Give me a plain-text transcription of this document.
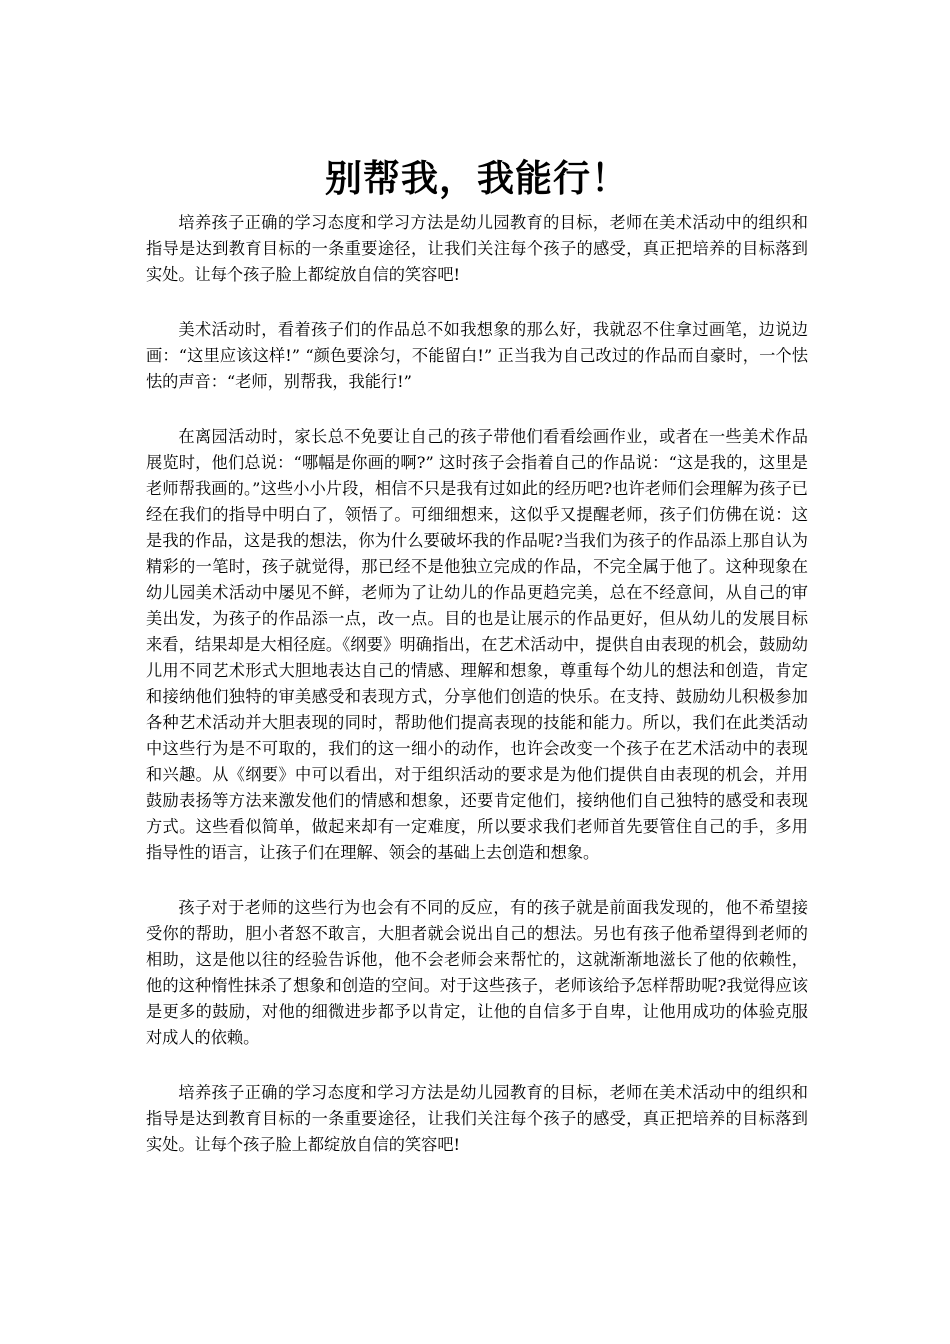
别帮我，我能行！

培养孩子正确的学习态度和学习方法是幼儿园教育的目标，老师在美术活动中的组织和指导是达到教育目标的一条重要途径，让我们关注每个孩子的感受，真正把培养的目标落到实处。让每个孩子脸上都绽放自信的笑容吧!

美术活动时，看着孩子们的作品总不如我想象的那么好，我就忍不住拿过画笔，边说边画：“这里应该这样!” “颜色要涂匀，不能留白!” 正当我为自己改过的作品而自豪时，一个怯怯的声音：“老师，别帮我，我能行!”

在离园活动时，家长总不免要让自己的孩子带他们看看绘画作业，或者在一些美术作品展览时，他们总说：“哪幅是你画的啊?” 这时孩子会指着自己的作品说：“这是我的，这里是老师帮我画的。”这些小小片段，相信不只是我有过如此的经历吧?也许老师们会理解为孩子已经在我们的指导中明白了，领悟了。可细细想来，这似乎又提醒老师，孩子们仿佛在说：这是我的作品，这是我的想法，你为什么要破坏我的作品呢?当我们为孩子的作品添上那自认为精彩的一笔时，孩子就觉得，那已经不是他独立完成的作品，不完全属于他了。这种现象在幼儿园美术活动中屡见不鲜，老师为了让幼儿的作品更趋完美，总在不经意间，从自己的审美出发，为孩子的作品添一点，改一点。目的也是让展示的作品更好，但从幼儿的发展目标来看，结果却是大相径庭。《纲要》明确指出，在艺术活动中，提供自由表现的机会，鼓励幼儿用不同艺术形式大胆地表达自己的情感、理解和想象，尊重每个幼儿的想法和创造，肯定和接纳他们独特的审美感受和表现方式，分享他们创造的快乐。在支持、鼓励幼儿积极参加各种艺术活动并大胆表现的同时，帮助他们提高表现的技能和能力。所以，我们在此类活动中这些行为是不可取的，我们的这一细小的动作，也许会改变一个孩子在艺术活动中的表现和兴趣。从《纲要》中可以看出，对于组织活动的要求是为他们提供自由表现的机会，并用鼓励表扬等方法来激发他们的情感和想象，还要肯定他们，接纳他们自己独特的感受和表现方式。这些看似简单，做起来却有一定难度，所以要求我们老师首先要管住自己的手，多用指导性的语言，让孩子们在理解、领会的基础上去创造和想象。

孩子对于老师的这些行为也会有不同的反应，有的孩子就是前面我发现的，他不希望接受你的帮助，胆小者怒不敢言，大胆者就会说出自己的想法。另也有孩子他希望得到老师的相助，这是他以往的经验告诉他，他不会老师会来帮忙的，这就渐渐地滋长了他的依赖性，他的这种惰性抹杀了想象和创造的空间。对于这些孩子，老师该给予怎样帮助呢?我觉得应该是更多的鼓励，对他的细微进步都予以肯定，让他的自信多于自卑，让他用成功的体验克服对成人的依赖。

培养孩子正确的学习态度和学习方法是幼儿园教育的目标，老师在美术活动中的组织和指导是达到教育目标的一条重要途径，让我们关注每个孩子的感受，真正把培养的目标落到实处。让每个孩子脸上都绽放自信的笑容吧!
